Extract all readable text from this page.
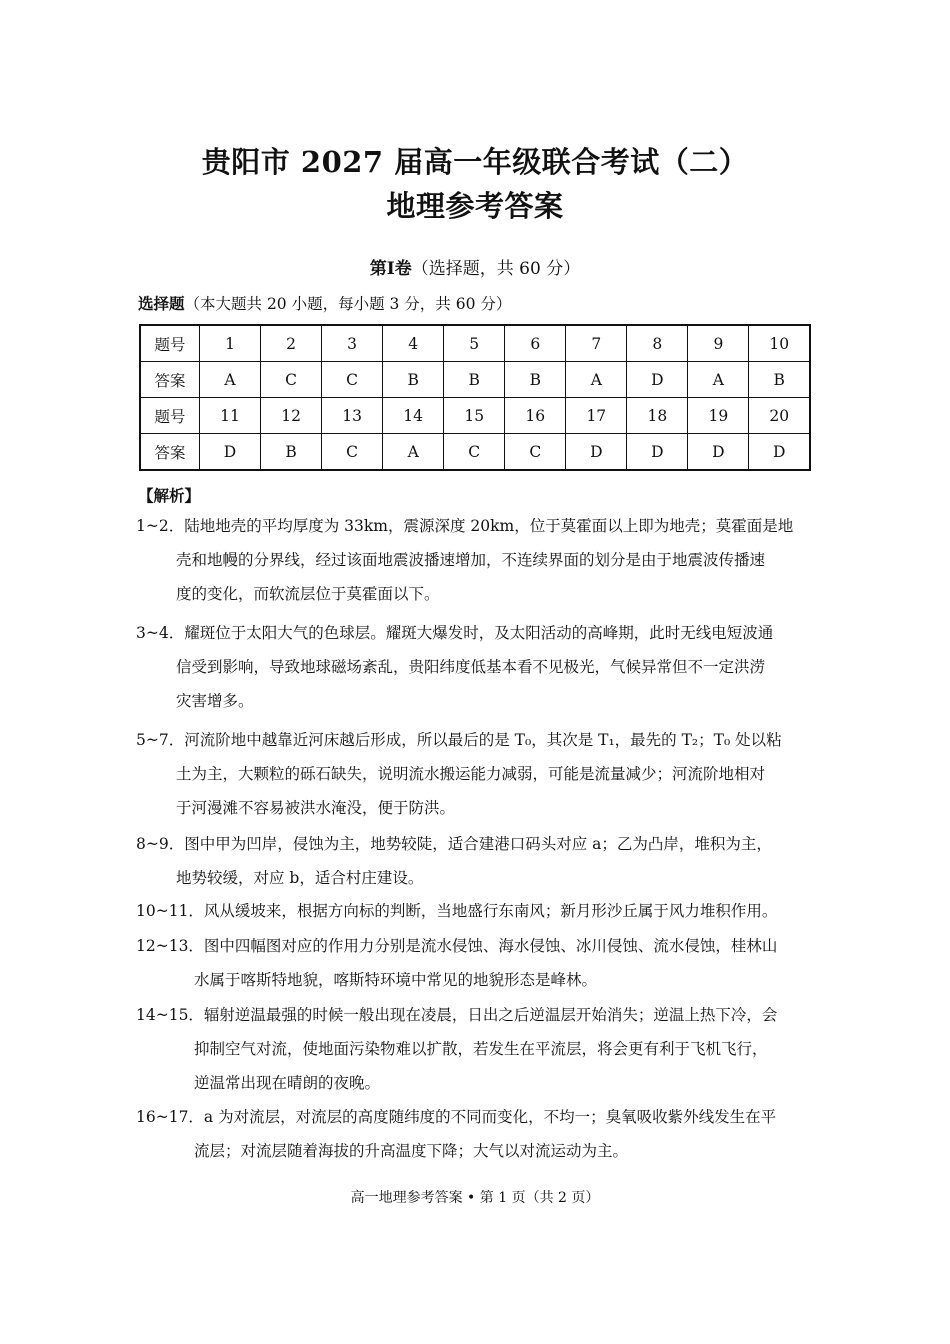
贵阳市 2027 届高一年级联合考试（二）
地理参考答案
第Ⅰ卷（选择题，共 60 分）
选择题（本大题共 20 小题，每小题 3 分，共 60 分）
题号	1	2	3	4	5	6	7	8	9	10
答案	A	C	C	B	B	B	A	D	A	B
题号	11	12	13	14	15	16	17	18	19	20
答案	D	B	C	A	C	C	D	D	D	D
【解析】
1~2．陆地地壳的平均厚度为 33km，震源深度 20km，位于莫霍面以上即为地壳；莫霍面是地
壳和地幔的分界线，经过该面地震波播速增加，不连续界面的划分是由于地震波传播速
度的变化，而软流层位于莫霍面以下。
3~4．耀斑位于太阳大气的色球层。耀斑大爆发时，及太阳活动的高峰期，此时无线电短波通
信受到影响，导致地球磁场紊乱，贵阳纬度低基本看不见极光，气候异常但不一定洪涝
灾害增多。
5~7．河流阶地中越靠近河床越后形成，所以最后的是 T₀，其次是 T₁，最先的 T₂；T₀ 处以粘
土为主，大颗粒的砾石缺失，说明流水搬运能力减弱，可能是流量减少；河流阶地相对
于河漫滩不容易被洪水淹没，便于防洪。
8~9．图中甲为凹岸，侵蚀为主，地势较陡，适合建港口码头对应 a；乙为凸岸，堆积为主，
地势较缓，对应 b，适合村庄建设。
10~11．风从缓坡来，根据方向标的判断，当地盛行东南风；新月形沙丘属于风力堆积作用。
12~13．图中四幅图对应的作用力分别是流水侵蚀、海水侵蚀、冰川侵蚀、流水侵蚀，桂林山
水属于喀斯特地貌，喀斯特环境中常见的地貌形态是峰林。
14~15．辐射逆温最强的时候一般出现在凌晨，日出之后逆温层开始消失；逆温上热下冷，会
抑制空气对流，使地面污染物难以扩散，若发生在平流层，将会更有利于飞机飞行，
逆温常出现在晴朗的夜晚。
16~17．a 为对流层，对流层的高度随纬度的不同而变化，不均一；臭氧吸收紫外线发生在平
流层；对流层随着海拔的升高温度下降；大气以对流运动为主。
高一地理参考答案 • 第 1 页（共 2 页）
